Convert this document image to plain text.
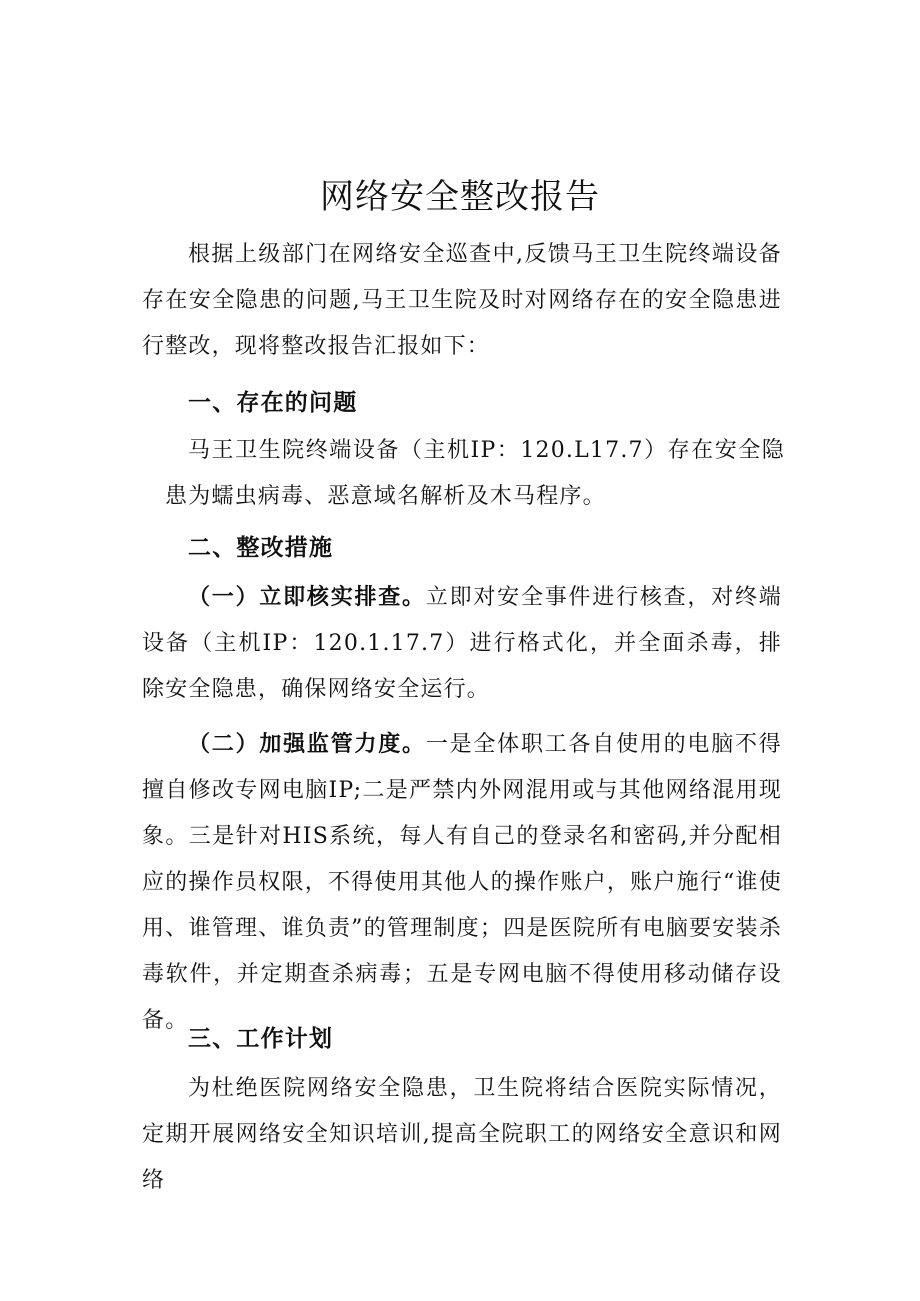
网络安全整改报告

根据上级部门在网络安全巡查中,反馈马王卫生院终端设备存在安全隐患的问题,马王卫生院及时对网络存在的安全隐患进行整改，现将整改报告汇报如下：

一、存在的问题

马王卫生院终端设备（主机IP：120.L17.7）存在安全隐患为蠕虫病毒、恶意域名解析及木马程序。

二、整改措施

（一）立即核实排查。立即对安全事件进行核查，对终端设备（主机IP：120.1.17.7）进行格式化，并全面杀毒，排除安全隐患，确保网络安全运行。

（二）加强监管力度。一是全体职工各自使用的电脑不得擅自修改专网电脑IP;二是严禁内外网混用或与其他网络混用现象。三是针对HIS系统，每人有自己的登录名和密码,并分配相应的操作员权限，不得使用其他人的操作账户，账户施行“谁使用、谁管理、谁负责”的管理制度；四是医院所有电脑要安装杀毒软件，并定期查杀病毒；五是专网电脑不得使用移动储存设备。

三、工作计划

为杜绝医院网络安全隐患，卫生院将结合医院实际情况，定期开展网络安全知识培训,提高全院职工的网络安全意识和网络
